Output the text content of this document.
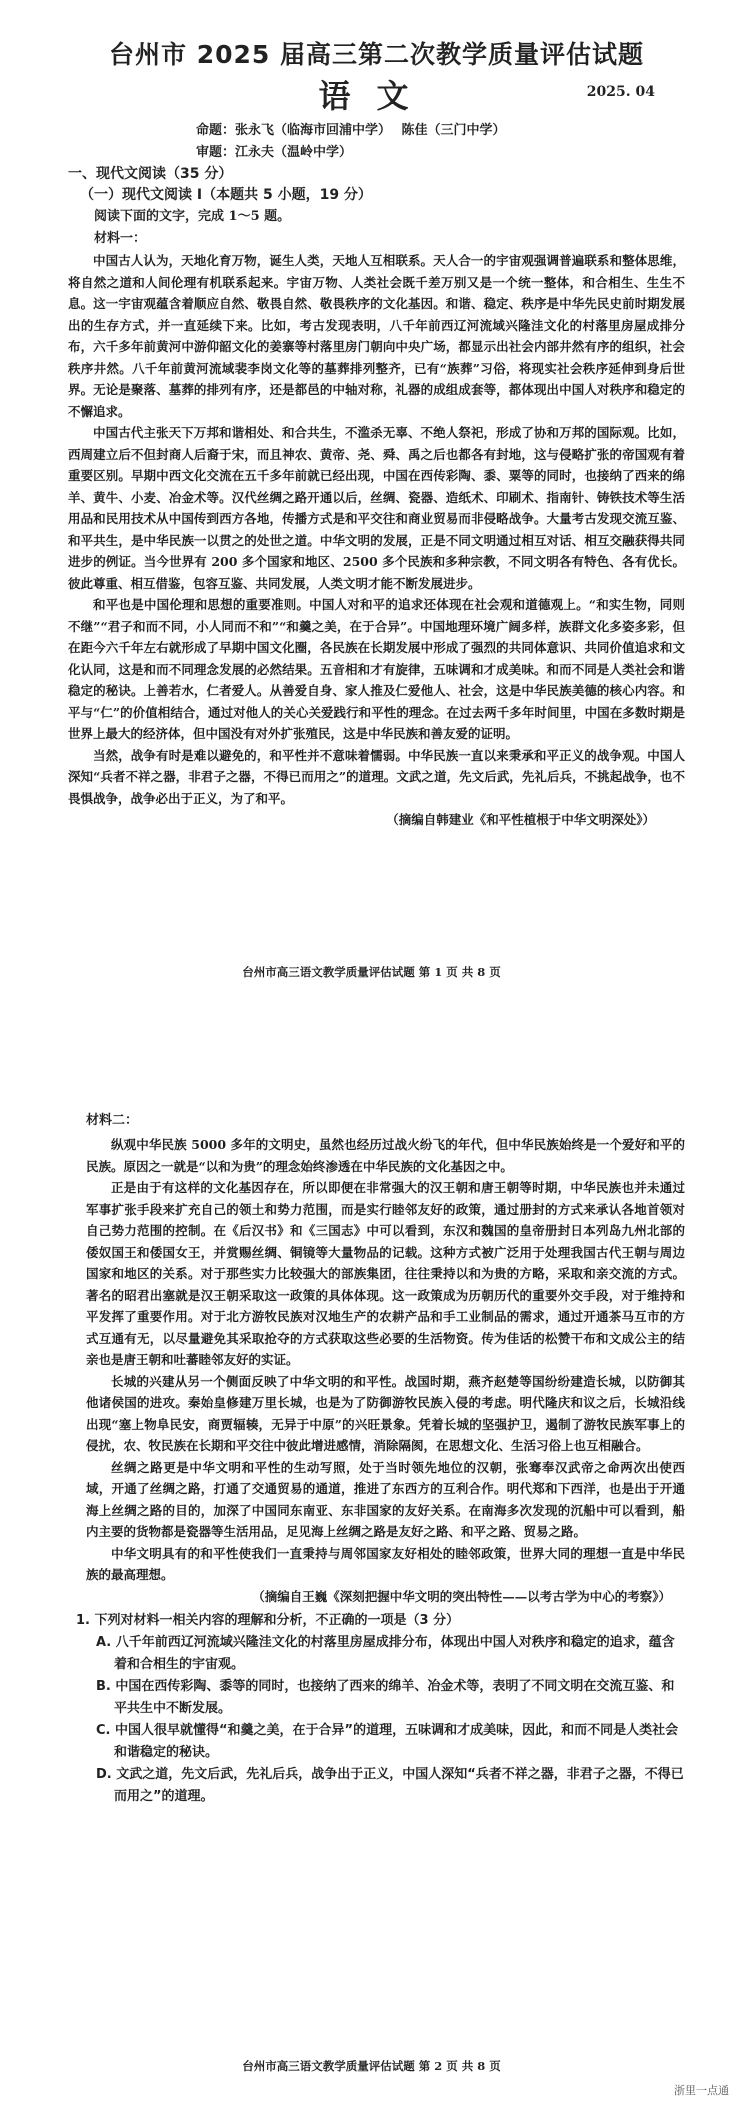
台州市 2025 届高三第二次教学质量评估试题
语文	2025. 04
命题：张永飞（临海市回浦中学） 陈佳（三门中学）
审题：江永夫（温岭中学）
一、现代文阅读（35 分）
（一）现代文阅读 Ⅰ（本题共 5 小题，19 分）
阅读下面的文字，完成 1～5 题。
材料一：

中国古人认为，天地化育万物，诞生人类，天地人互相联系。天人合一的宇宙观强调普遍联系和整体思维，将自然之道和人间伦理有机联系起来。宇宙万物、人类社会既千差万别又是一个统一整体，和合相生、生生不息。这一宇宙观蕴含着顺应自然、敬畏自然、敬畏秩序的文化基因。和谐、稳定、秩序是中华先民史前时期发展出的生存方式，并一直延续下来。比如，考古发现表明，八千年前西辽河流域兴隆洼文化的村落里房屋成排分布，六千多年前黄河中游仰韶文化的姜寨等村落里房门朝向中央广场，都显示出社会内部井然有序的组织，社会秩序井然。八千年前黄河流域裴李岗文化等的墓葬排列整齐，已有“族葬”习俗，将现实社会秩序延伸到身后世界。无论是聚落、墓葬的排列有序，还是都邑的中轴对称，礼器的成组成套等，都体现出中国人对秩序和稳定的不懈追求。

中国古代主张天下万邦和谐相处、和合共生，不滥杀无辜、不绝人祭祀，形成了协和万邦的国际观。比如，西周建立后不但封商人后裔于宋，而且神农、黄帝、尧、舜、禹之后也都各有封地，这与侵略扩张的帝国观有着重要区别。早期中西文化交流在五千多年前就已经出现，中国在西传彩陶、黍、粟等的同时，也接纳了西来的绵羊、黄牛、小麦、冶金术等。汉代丝绸之路开通以后，丝绸、瓷器、造纸术、印刷术、指南针、铸铁技术等生活用品和民用技术从中国传到西方各地，传播方式是和平交往和商业贸易而非侵略战争。大量考古发现交流互鉴、和平共生，是中华民族一以贯之的处世之道。中华文明的发展，正是不同文明通过相互对话、相互交融获得共同进步的例证。当今世界有 200 多个国家和地区、2500 多个民族和多种宗教，不同文明各有特色、各有优长。彼此尊重、相互借鉴，包容互鉴、共同发展，人类文明才能不断发展进步。

和平也是中国伦理和思想的重要准则。中国人对和平的追求还体现在社会观和道德观上。“和实生物，同则不继”“君子和而不同，小人同而不和”“和羹之美，在于合异”。中国地理环境广阔多样，族群文化多姿多彩，但在距今六千年左右就形成了早期中国文化圈，各民族在长期发展中形成了强烈的共同体意识、共同价值追求和文化认同，这是和而不同理念发展的必然结果。五音相和才有旋律，五味调和才成美味。和而不同是人类社会和谐稳定的秘诀。上善若水，仁者爱人。从善爱自身、家人推及仁爱他人、社会，这是中华民族美德的核心内容。和平与“仁”的价值相结合，通过对他人的关心关爱践行和平性的理念。在过去两千多年时间里，中国在多数时期是世界上最大的经济体，但中国没有对外扩张殖民，这是中华民族和善友爱的证明。

当然，战争有时是难以避免的，和平性并不意味着懦弱。中华民族一直以来秉承和平正义的战争观。中国人深知“兵者不祥之器，非君子之器，不得已而用之”的道理。文武之道，先文后武，先礼后兵，不挑起战争，也不畏惧战争，战争必出于正义，为了和平。

（摘编自韩建业《和平性植根于中华文明深处》）
台州市高三语文教学质量评估试题 第 1 页 共 8 页
材料二：

纵观中华民族 5000 多年的文明史，虽然也经历过战火纷飞的年代，但中华民族始终是一个爱好和平的民族。原因之一就是“以和为贵”的理念始终渗透在中华民族的文化基因之中。

正是由于有这样的文化基因存在，所以即便在非常强大的汉王朝和唐王朝等时期，中华民族也并未通过军事扩张手段来扩充自己的领土和势力范围，而是实行睦邻友好的政策，通过册封的方式来承认各地首领对自己势力范围的控制。在《后汉书》和《三国志》中可以看到，东汉和魏国的皇帝册封日本列岛九州北部的倭奴国王和倭国女王，并赏赐丝绸、铜镜等大量物品的记载。这种方式被广泛用于处理我国古代王朝与周边国家和地区的关系。对于那些实力比较强大的部族集团，往往秉持以和为贵的方略，采取和亲交流的方式。著名的昭君出塞就是汉王朝采取这一政策的具体体现。这一政策成为历朝历代的重要外交手段，对于维持和平发挥了重要作用。对于北方游牧民族对汉地生产的农耕产品和手工业制品的需求，通过开通茶马互市的方式互通有无，以尽量避免其采取抢夺的方式获取这些必要的生活物资。传为佳话的松赞干布和文成公主的结亲也是唐王朝和吐蕃睦邻友好的实证。

长城的兴建从另一个侧面反映了中华文明的和平性。战国时期，燕齐赵楚等国纷纷建造长城，以防御其他诸侯国的进攻。秦始皇修建万里长城，也是为了防御游牧民族入侵的考虑。明代隆庆和议之后，长城沿线出现“塞上物阜民安，商贾辐辏，无异于中原”的兴旺景象。凭着长城的坚强护卫，遏制了游牧民族军事上的侵扰，农、牧民族在长期和平交往中彼此增进感情，消除隔阂，在思想文化、生活习俗上也互相融合。

丝绸之路更是中华文明和平性的生动写照，处于当时领先地位的汉朝，张骞奉汉武帝之命两次出使西域，开通了丝绸之路，打通了交通贸易的通道，推进了东西方的互利合作。明代郑和下西洋，也是出于开通海上丝绸之路的目的，加深了中国同东南亚、东非国家的友好关系。在南海多次发现的沉船中可以看到，船内主要的货物都是瓷器等生活用品，足见海上丝绸之路是友好之路、和平之路、贸易之路。

中华文明具有的和平性使我们一直秉持与周邻国家友好相处的睦邻政策，世界大同的理想一直是中华民族的最高理想。

（摘编自王巍《深刻把握中华文明的突出特性——以考古学为中心的考察》）
1. 下列对材料一相关内容的理解和分析，不正确的一项是（3 分）
A. 八千年前西辽河流域兴隆洼文化的村落里房屋成排分布，体现出中国人对秩序和稳定的追求，蕴含着和合相生的宇宙观。
B. 中国在西传彩陶、黍等的同时，也接纳了西来的绵羊、冶金术等，表明了不同文明在交流互鉴、和平共生中不断发展。
C. 中国人很早就懂得“和羹之美，在于合异”的道理，五味调和才成美味，因此，和而不同是人类社会和谐稳定的秘诀。
D. 文武之道，先文后武，先礼后兵，战争出于正义，中国人深知“兵者不祥之器，非君子之器，不得已而用之”的道理。
台州市高三语文教学质量评估试题 第 2 页 共 8 页
浙里一点通
